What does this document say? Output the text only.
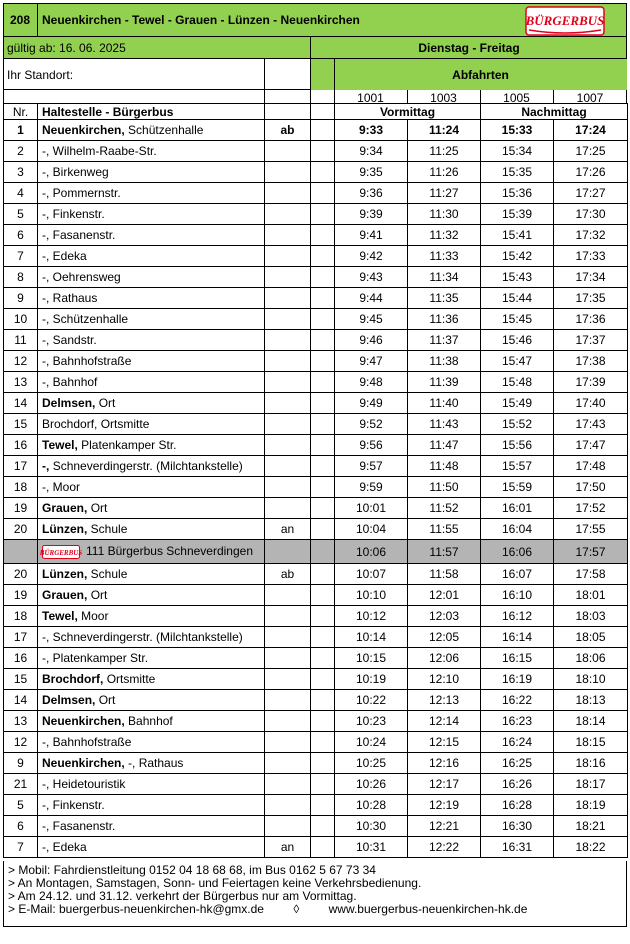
208 Neuenkirchen - Tewel - Grauen - Lünzen - Neuenkirchen	BÜRGERBUS
gültig ab: 16. 06. 2025	Dienstag - Freitag
Ihr Standort:	Abfahrten
1001	1003	1005	1007
Nr.	Haltestelle - Bürgerbus			Vormittag		Nachmittag	
1	Neuenkirchen, Schützenhalle	ab		9:33	11:24	15:33	17:24
2	-, Wilhelm-Raabe-Str.			9:34	11:25	15:34	17:25
3	-, Birkenweg			9:35	11:26	15:35	17:26
4	-, Pommernstr.			9:36	11:27	15:36	17:27
5	-, Finkenstr.			9:39	11:30	15:39	17:30
6	-, Fasanenstr.			9:41	11:32	15:41	17:32
7	-, Edeka			9:42	11:33	15:42	17:33
8	-, Oehrensweg			9:43	11:34	15:43	17:34
9	-, Rathaus			9:44	11:35	15:44	17:35
10	-, Schützenhalle			9:45	11:36	15:45	17:36
11	-, Sandstr.			9:46	11:37	15:46	17:37
12	-, Bahnhofstraße			9:47	11:38	15:47	17:38
13	-, Bahnhof			9:48	11:39	15:48	17:39
14	Delmsen, Ort			9:49	11:40	15:49	17:40
15	Brochdorf, Ortsmitte			9:52	11:43	15:52	17:43
16	Tewel, Platenkamper Str.			9:56	11:47	15:56	17:47
17	-, Schneverdingerstr. (Milchtankstelle)			9:57	11:48	15:57	17:48
18	-, Moor			9:59	11:50	15:59	17:50
19	Grauen, Ort			10:01	11:52	16:01	17:52
20	Lünzen, Schule	an		10:04	11:55	16:04	17:55

BÜRGERBUS 111 Bürgerbus Schneverdingen			10:06	11:57	16:06	17:57
20	Lünzen, Schule	ab		10:07	11:58	16:07	17:58
19	Grauen, Ort			10:10	12:01	16:10	18:01
18	Tewel, Moor			10:12	12:03	16:12	18:03
17	-, Schneverdingerstr. (Milchtankstelle)			10:14	12:05	16:14	18:05
16	-, Platenkamper Str.			10:15	12:06	16:15	18:06
15	Brochdorf, Ortsmitte			10:19	12:10	16:19	18:10
14	Delmsen, Ort			10:22	12:13	16:22	18:13
13	Neuenkirchen, Bahnhof			10:23	12:14	16:23	18:14
12	-, Bahnhofstraße			10:24	12:15	16:24	18:15
9	Neuenkirchen, -, Rathaus			10:25	12:16	16:25	18:16
21	-, Heidetouristik			10:26	12:17	16:26	18:17
5	-, Finkenstr.			10:28	12:19	16:28	18:19
6	-, Fasanenstr.			10:30	12:21	16:30	18:21
7	-, Edeka	an		10:31	12:22	16:31	18:22
> Mobil: Fahrdienstleitung 0152 04 18 68 68, im Bus 0162 5 67 73 34
> An Montagen, Samstagen, Sonn- und Feiertagen keine Verkehrsbedienung.
> Am 24.12. und 31.12. verkehrt der Bürgerbus nur am Vormittag.
> E-Mail: buergerbus-neuenkirchen-hk@gmx.de ◊ www.buergerbus-neuenkirchen-hk.de
